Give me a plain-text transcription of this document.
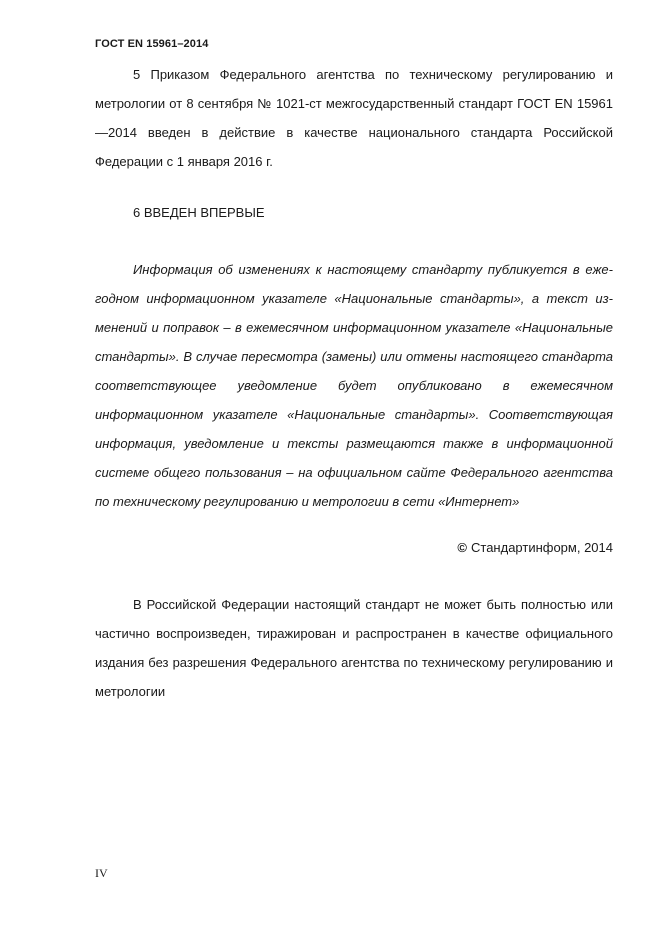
ГОСТ EN 15961–2014

5 Приказом Федерального агентства по техническому регулированию и метрологии от 8 сентября № 1021-ст межгосударственный стандарт ГОСТ EN 15961—2014 введен в действие в качестве национального стандарта Российской Федерации с 1 января 2016 г.

6 ВВЕДЕН ВПЕРВЫЕ

Информация об изменениях к настоящему стандарту публикуется в ежегодном информационном указателе «Национальные стандарты», а текст изменений и поправок – в ежемесячном информационном указателе «Национальные стандарты». В случае пересмотра (замены) или отмены настоящего стандарта соответствующее уведомление будет опубликовано в ежемесячном информационном указателе «Национальные стандарты». Соответствующая информация, уведомление и тексты размещаются также в информационной системе общего пользования – на официальном сайте Федерального агентства по техническому регулированию и метрологии в сети «Интернет»

© Стандартинформ, 2014

В Российской Федерации настоящий стандарт не может быть полностью или частично воспроизведен, тиражирован и распространен в качестве официального издания без разрешения Федерального агентства по техническому регулированию и метрологии

IV
